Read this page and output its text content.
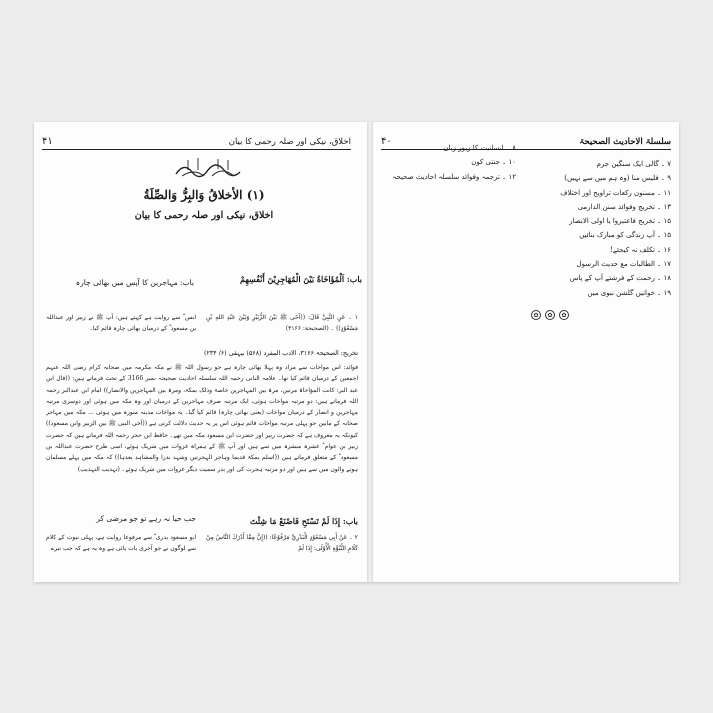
۴۱	اخلاق، نیکی اور صلہ رحمی کا بیان
(۱) الأخلاقُ وَالبِرُّ وَالصِّلَةُ
اخلاق، نیکی اور صلہ رحمی کا بیان
باب: اَلْمُؤَاخَاةُ بَيْنَ الْمُهَاجِرِيْنَ أَنْفُسِهِمْ
باب: مہاجرین کا آپس میں بھائی چارہ
۱ ۔ عَنِ النَّبِيِّ قَالَ: ((آخَى ﷺ بَيْنَ الزُّبَيْرِ وَبَيْنَ عَبْدِ اللهِ بْنِ مَسْعُوْدٍ)) ۔ (الصحيحة: ۳۱۶۶)
انس ؓ سے روایت ہے کہتے ہیں: آپ ﷺ نے زبیر اور عبداللہ بن مسعود ؓ کے درمیان بھائی چارہ قائم کیا۔
تخریج: الصحیحۃ ۳۱۶۶، الادب المفرد (۵۶۸) بیہقی (۶/ ۲۳۴)
فوائد: اس مواخات سے مراد وہ پہلا بھائی چارہ ہے جو رسول اللہ ﷺ نے مکہ مکرمہ میں صحابہ کرام رضی اللہ عنہم اجمعین کے درمیان قائم کیا تھا۔ علامہ البانی رحمہ اللہ سلسلہ احادیث صحیحہ نمبر 3166 کے تحت فرماتے ہیں: ((قال ابن عبد البر: کانت المؤاخاۃ مرتین، مرۃ بین المہاجرین خاصۃ وذلک بمکۃ، ومرۃ بین المہاجرین والانصار)) امام ابن عبدالبر رحمہ اللہ فرماتے ہیں: دو مرتبہ مواخات ہوئی، ایک مرتبہ صرف مہاجرین کے درمیان اور وہ مکہ میں ہوئی اور دوسری مرتبہ مہاجرین و انصار کے درمیان مواخات (یعنی بھائی چارہ) قائم کیا گیا۔ یہ مواخات مدینہ منورہ میں ہوئی ... مکہ میں مہاجر صحابہ کے مابین جو پہلی مرتبہ مواخات قائم ہوئی اس پر یہ حدیث دلالت کرتی ہے ((آخی النبی ﷺ بین الزبیر وابن مسعود)) کیونکہ یہ معروف ہے کہ حضرت زبیر اور حضرت ابن مسعود مکہ میں تھے۔ حافظ ابن حجر رحمہ اللہ فرماتے ہیں کہ حضرت زبیر بن عوام ؓ عشرہ مبشرہ میں سے ہیں اور آپ ﷺ کے ہمراہ غزوات میں شریک ہوئے، اسی طرح حضرت عبداللہ بن مسعود ؓ کے متعلق فرماتے ہیں ((اسلم بمکۃ قدیما وہاجر الہجرتین وشہد بدرا والمشاہد بعدہا)) کہ مکہ میں پہلے مسلمان ہونے والوں میں سے ہیں اور دو مرتبہ ہجرت کی اور بدر سمیت دیگر غزوات میں شریک ہوئے۔ (تہذیب التہذیب)
باب: إِذَا لَمْ تَسْتَحِ فَاصْنَعْ مَا شِئْتَ
جب حیا نہ رہے تو جو مرضی کر
۲ ۔ عَنْ أَبِي مَسْعُوْدٍ الْبَدْرِيِّ مَرْفُوْعًا: ((إِنَّ مِمَّا أَدْرَكَ النَّاسُ مِنْ كَلَامِ النُّبُوَّةِ الْأُوْلَى: إِذَا لَمْ
ابو مسعود بدری ؓ سے مرفوعا روایت ہے، پہلی نبوت کے کلام سے لوگوں نے جو آخری بات پائی ہے وہ یہ ہے کہ جب تیرے
۴۰	سلسلۃ الاحادیث الصحیحۃ
۷ ۔ گالی ایک سنگین جرم
۹ ۔ فلیس منا (وہ ہم میں سے نہیں)
۱۱ ۔ مسنون رکعات تراویح اور اختلاف
۱۳ ۔ تخریج وفوائد سنن الدارمی
۱۵ ۔ تخریج فاعتبروا یا اولی الابصار
۱۵ ۔ آپ زندگی کو مبارک بنائیں
۱۶ ۔ تکلف نہ کیجئے!
۱۷ ۔ الطالبات مع حدیث الرسول
۱۸ ۔ رحمت کے فرشتے آپ کے پاس
۱۹ ۔ خواتین گلشن نبوی میں
۸ ۔ انسانیت کا زیور زبان
۱۰ ۔ جنتی کون
۱۲ ۔ ترجمہ وفوائد سلسلہ احادیث صحیحہ
✿	✿	✿
